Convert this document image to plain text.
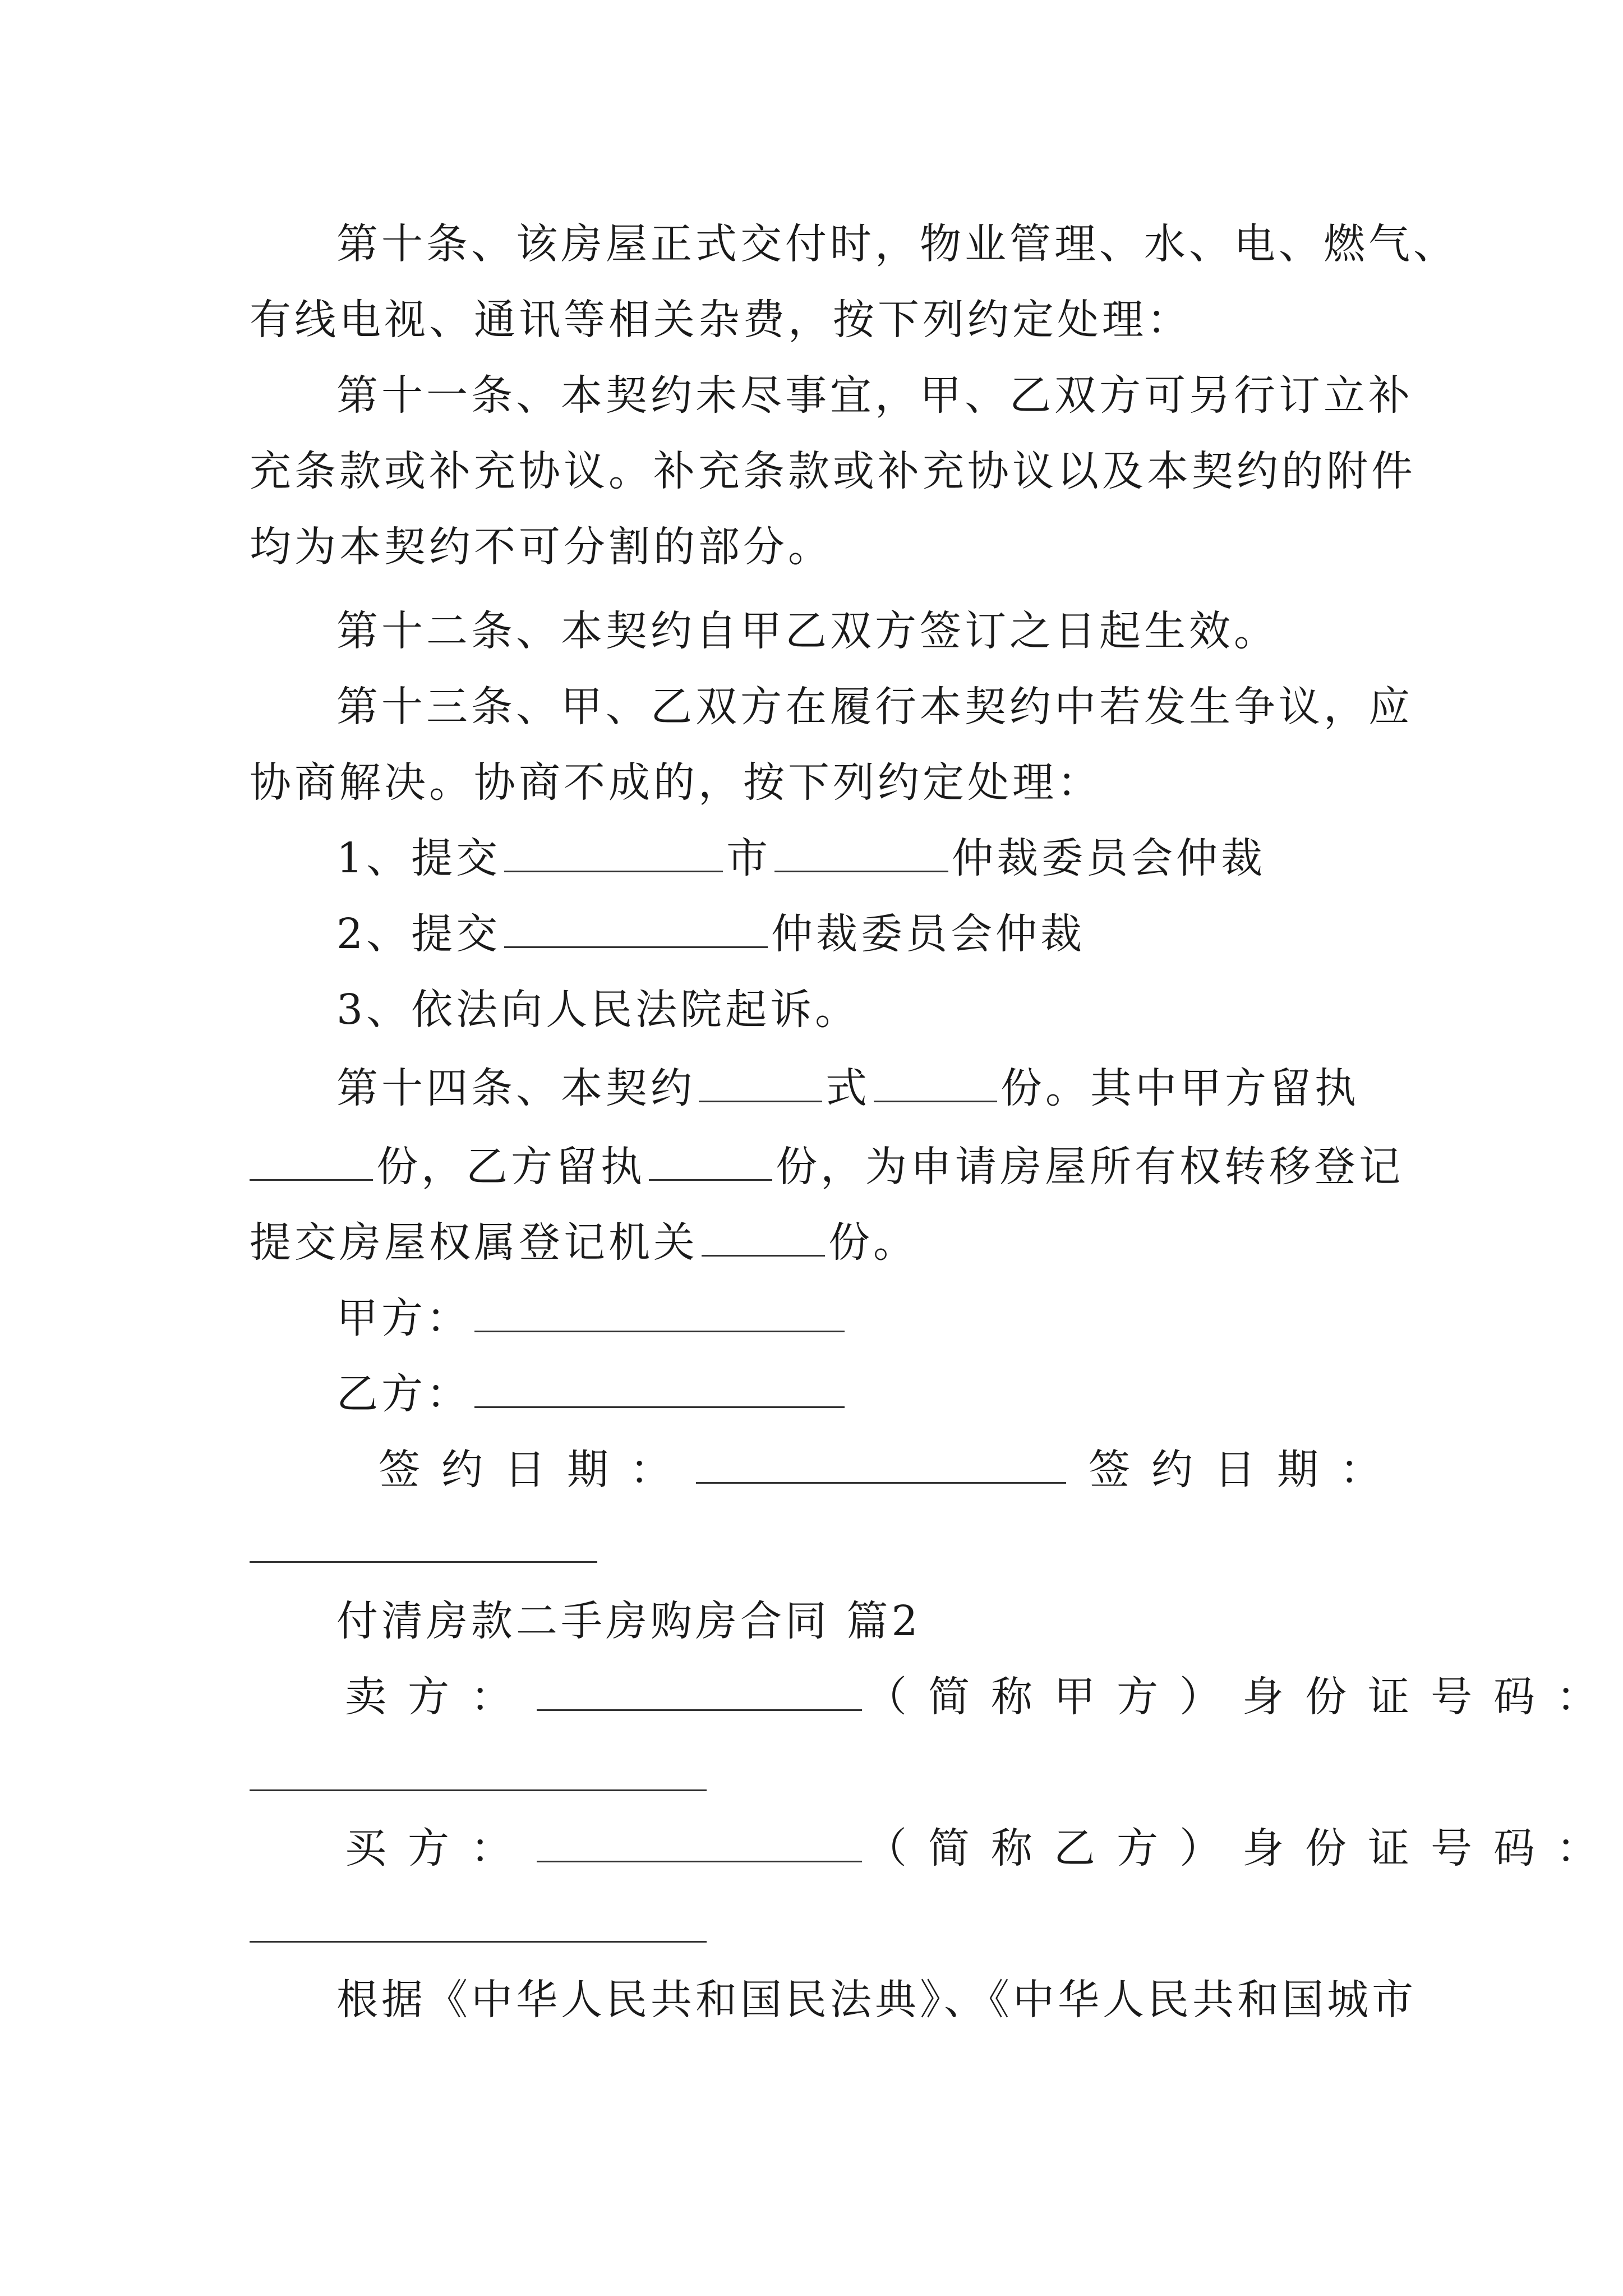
第十条、该房屋正式交付时，物业管理、水、电、燃气、
有线电视、通讯等相关杂费，按下列约定处理：
第十一条、本契约未尽事宜，甲、乙双方可另行订立补
充条款或补充协议。补充条款或补充协议以及本契约的附件
均为本契约不可分割的部分。
第十二条、本契约自甲乙双方签订之日起生效。
第十三条、甲、乙双方在履行本契约中若发生争议，应
协商解决。协商不成的，按下列约定处理：
1、提交	市	仲裁委员会仲裁
2、提交	仲裁委员会仲裁
3、依法向人民法院起诉。
第十四条、本契约	式	份。其中甲方留执
份，乙方留执	份，为申请房屋所有权转移登记
提交房屋权属登记机关	份。
甲方：
乙方：
签约日期：	签约日期：
付清房款二手房购房合同 篇2
卖方：	（简称甲方）身份证号码：
买方：	（简称乙方）身份证号码：
根据《中华人民共和国民法典》、《中华人民共和国城市
